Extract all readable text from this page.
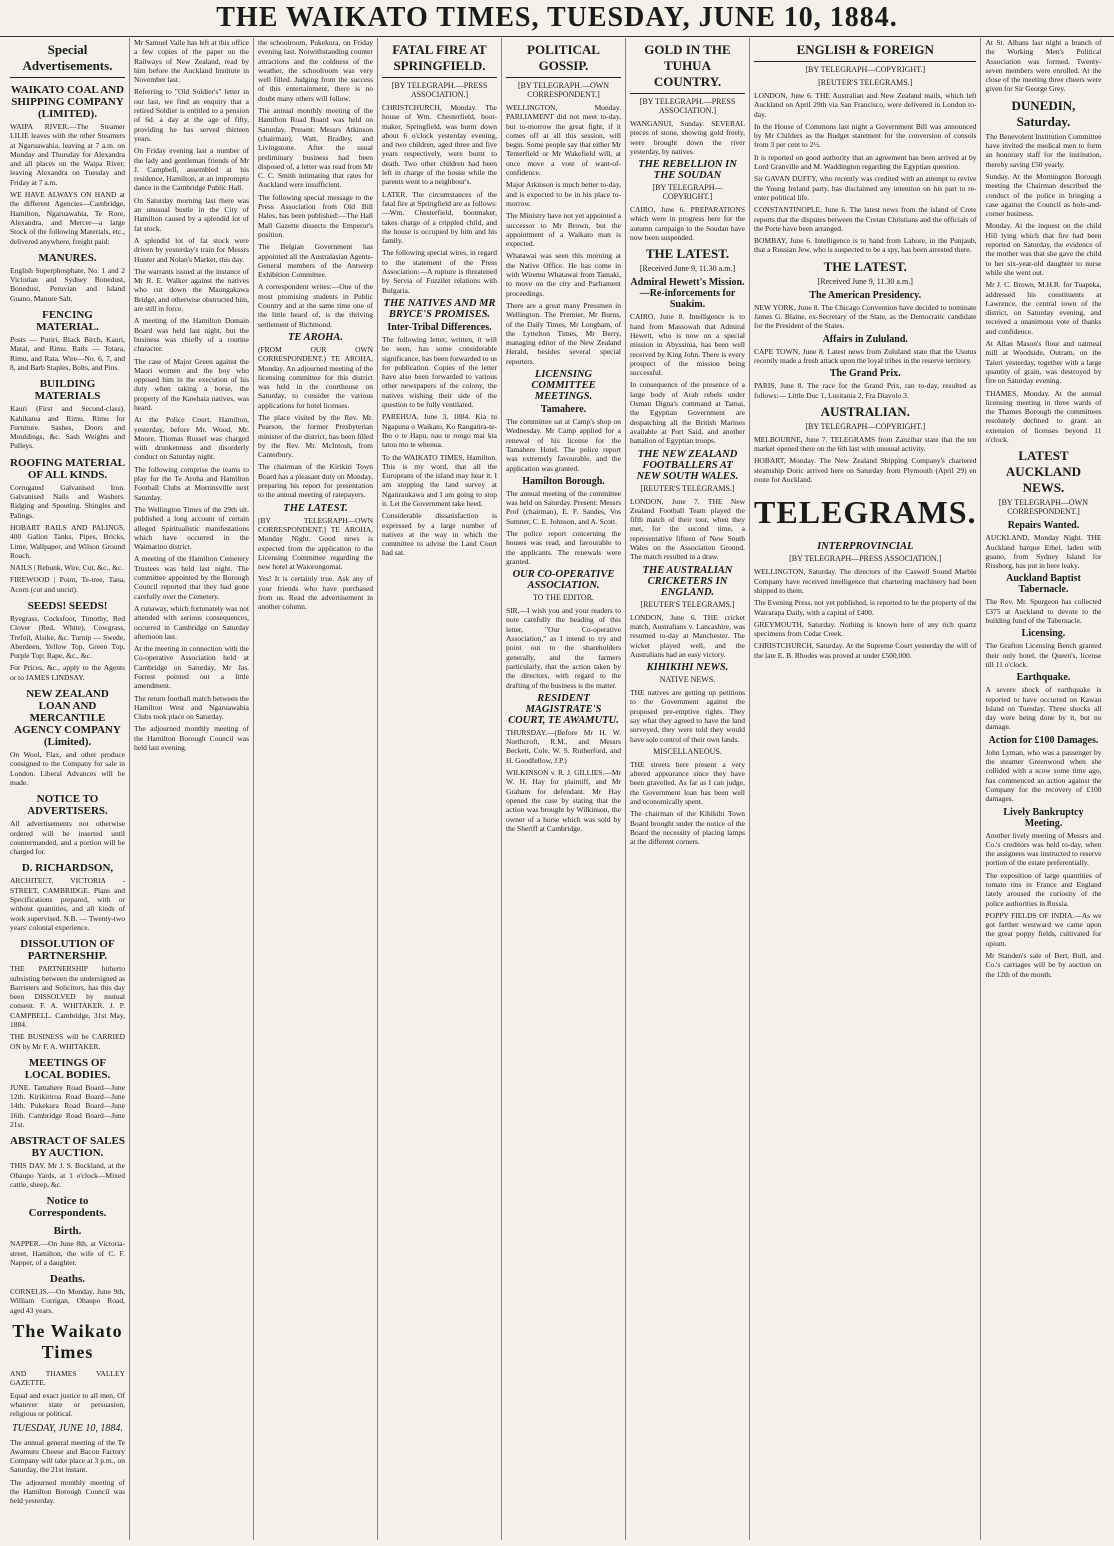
THE WAIKATO TIMES, TUESDAY, JUNE 10, 1884.
Special Advertisements.
WAIKATO COAL AND SHIPPING COMPANY (LIMITED).

WAIPA RIVER.—The Steamer LILIE leaves with the other Steamers at Ngaruawahia, leaving at 7 a.m. on Monday and Thursday for Alexandra and all places on the Waipa River; leaving Alexandra on Tuesday and Friday at 7 a.m.

WE HAVE ALWAYS ON HAND at the different Agencies—Cambridge, Hamilton, Ngaruawahia, Te Rore, Alexandra, and Mercer—a large Stock of the following Materials, etc., delivered anywhere, freight paid:

MANURES.

English Superphosphate, No. 1 and 2 Victorian and Sydney Bonedust, Bonedust, Peruvian and Island Guano, Manure Salt.

FENCING MATERIAL.

Posts — Puriri, Black Birch, Kauri, Matai, and Rimu. Rails — Totara, Rimu, and Rata. Wire—No. 6, 7, and 8, and Barb Staples, Bolts, and Pins.

BUILDING MATERIALS

Kauri (First and Second-class), Kahikatea and Rimu. Rimu for Furniture. Sashes, Doors and Mouldings, &c. Sash Weights and Pulleys.

ROOFING MATERIAL OF ALL KINDS.

Corrugated Galvanised Iron. Galvanised Nails and Washers. Ridging and Spouting. Shingles and Palings.

HOBART RAILS AND PALINGS, 400 Gallon Tanks, Pipes, Bricks, Lime, Wallpaper, and Wilson Ground Roach.

NAILS | Rebunk, Wire, Cut, &c., &c.

FIREWOOD | Point, Te-tree, Tana, Acorn (cut and uncut).

SEEDS! SEEDS!

Ryegrass, Cocksfoot, Timothy, Red Clover (Red, White), Cowgrass, Trefoil, Alsike, &c. Turnip — Swede, Aberdeen, Yellow Top, Green Top, Purple Top; Rape, &c., &c.

For Prices, &c., apply to the Agents or to JAMES LINDSAY.

NEW ZEALAND LOAN AND MERCANTILE AGENCY COMPANY (Limited).

On Wool, Flax, and other produce consigned to the Company for sale in London. Liberal Advances will be made.

NOTICE TO ADVERTISERS.

All advertisements not otherwise ordered will be inserted until countermanded, and a portion will be charged for.

D. RICHARDSON,

ARCHITECT, VICTORIA - STREET, CAMBRIDGE. Plans and Specifications prepared, with or without quantities, and all kinds of work supervised. N.B. — Twenty-two years' colonial experience.

DISSOLUTION OF PARTNERSHIP.

THE PARTNERSHIP hitherto subsisting between the undersigned as Barristers and Solicitors, has this day been DISSOLVED by mutual consent. F. A. WHITAKER. J. P. CAMPBELL. Cambridge, 31st May, 1884.

THE BUSINESS will be CARRIED ON by Mr F. A. WHITAKER.

MEETINGS OF LOCAL BODIES.

JUNE. Tamahere Road Board—June 12th. Kirikiriroa Road Board—June 14th. Pukekura Road Board—June 16th. Cambridge Road Board—June 21st.

ABSTRACT OF SALES BY AUCTION.

THIS DAY. Mr J. S. Buckland, at the Ohaupo Yards, at 1 o'clock—Mixed cattle, sheep, &c.

Notice to Correspondents.
Birth.

NAPPER.—On June 8th, at Victoria-street, Hamilton, the wife of C. F. Napper, of a daughter.

Deaths.

CORNELIS.—On Monday, June 9th, William Corrigan, Ohaupo Road, aged 43 years.

The Waikato Times

AND THAMES VALLEY GAZETTE.

Equal and exact justice to all men, Of whatever state or persuasion, religious or political.

TUESDAY, JUNE 10, 1884.

The annual general meeting of the Te Awamutu Cheese and Bacon Factory Company will take place at 3 p.m., on Saturday, the 21st instant.

The adjourned monthly meeting of the Hamilton Borough Council was held yesterday.

Mr Samuel Vaile has left at this office a few copies of the paper on the Railways of New Zealand, read by him before the Auckland Institute in November last.

Referring to "Old Soldier's" letter in our last, we find an enquiry that a retired Soldier is entitled to a pension of 6d. a day at the age of fifty, providing he has served thirteen years.

On Friday evening last a number of the lady and gentleman friends of Mr J. Campbell, assembled at his residence, Hamilton, at an impromptu dance in the Cambridge Public Hall.

On Saturday morning last there was an unusual bustle in the City of Hamilton caused by a splendid lot of fat stock.

A splendid lot of fat stock were driven by yesterday's train for Messrs Hunter and Nolan's Market, this day.

The warrants issued at the instance of Mr R. E. Walker against the natives who cut down the Maungakawa Bridge, and otherwise obstructed him, are still in force.

A meeting of the Hamilton Domain Board was held last night, but the business was chiefly of a routine character.

The case of Major Green against the Maori women and the boy who opposed him in the execution of his duty when taking a horse, the property of the Kawhaia natives, was heard.

At the Police Court, Hamilton, yesterday, before Mr. Wood, Mr. Moore, Thomas Russel was charged with drunkenness and disorderly conduct on Saturday night.

The following comprise the teams to play for the Te Aroha and Hamilton Football Clubs at Morrinsville next Saturday.

The Wellington Times of the 29th ult. published a long account of certain alleged Spiritualistic manifestations which have occurred in the Waimarino district.

A meeting of the Hamilton Cemetery Trustees was held last night. The committee appointed by the Borough Council reported that they had gone carefully over the Cemetery.

A runaway, which fortunately was not attended with serious consequences, occurred in Cambridge on Saturday afternoon last.

At the meeting in connection with the Co-operative Association held at Cambridge on Saturday, Mr Jas. Forrest pointed out a little amendment.

The return football match between the Hamilton West and Ngaruawahia Clubs took place on Saturday.

The adjourned monthly meeting of the Hamilton Borough Council was held last evening.

the schoolroom, Pukekura, on Friday evening last. Notwithstanding counter attractions and the coldness of the weather, the schoolroom was very well filled. Judging from the success of this entertainment, there is no doubt many others will follow.

The annual monthly meeting of the Hamilton Road Board was held on Saturday. Present: Messrs Atkinson (chairman), Watt, Bradley, and Livingstone. After the usual preliminary business had been disposed of, a letter was read from Mr C. C. Smith intimating that rates for Auckland were insufficient.

The following special message to the Press Association from Old Bill Hales, has been published:—The Hall Mall Gazette dissects the Emperor's position.

The Belgian Government has appointed all the Australasian Agents-General members of the Antwerp Exhibition Committee.

A correspondent writes:—One of the most promising students in Public Country and at the same time one of the little heard of, is the thriving settlement of Richmond.

TE AROHA.

(FROM OUR OWN CORRESPONDENT.) TE AROHA, Monday. An adjourned meeting of the licensing committee for this district was held in the courthouse on Saturday, to consider the various applications for hotel licenses.

The place visited by the Rev. Mr. Pearson, the former Presbyterian minister of the district, has been filled by the Rev. Mr. McIntosh, from Canterbury.

The chairman of the Kirikiri Town Board has a pleasant duty on Monday, preparing his report for presentation to the annual meeting of ratepayers.

THE LATEST.

[BY TELEGRAPH—OWN CORRESPONDENT.] TE AROHA, Monday Night. Good news is expected from the application to the Licensing Committee regarding the new hotel at Waiorongomai.

Yes! It is certainly true. Ask any of your friends who have purchased from us. Read the advertisement in another column.

FATAL FIRE AT SPRINGFIELD.
[BY TELEGRAPH.—PRESS ASSOCIATION.]

CHRISTCHURCH, Monday. The house of Wm. Chesterfield, boot-maker, Springfield, was burnt down about 6 o'clock yesterday evening, and two children, aged three and five years respectively, were burnt to death. Two other children had been left in charge of the house while the parents went to a neighbour's.

LATER. The circumstances of the fatal fire at Springfield are as follows:—Wm. Chesterfield, bootmaker, takes charge of a crippled child, and the house is occupied by him and his family.

The following special wires, in regard to the statement of the Press Association:—A rupture is threatened by Servia of Fuzzilet relations with Bulgaria.

THE NATIVES AND MR BRYCE'S PROMISES.
Inter-Tribal Differences.

The following letter, written, it will be seen, has some considerable significance, has been forwarded to us for publication. Copies of the letter have also been forwarded to various other newspapers of the colony, the natives wishing their side of the question to be fully ventilated.

PAREHUA, June 3, 1884. Kia tu Ngapuna o Waikato, Ko Rangatira-te-Ihu o te Hapu, nau te rongo mai kia tatou mo te whenua.

To the WAIKATO TIMES, Hamilton. This is my word, that all the Europeans of the island may hear it. I am stopping the land survey at Ngatiraukawa and I am going to stop it. Let the Government take heed.

Considerable dissatisfaction is expressed by a large number of natives at the way in which the committee to advise the Land Court had sat.

POLITICAL GOSSIP.
[BY TELEGRAPH.—OWN CORRESPONDENT.]

WELLINGTON, Monday. PARLIAMENT did not meet to-day, but to-morrow the great fight, if it comes off at all this session, will begin. Some people say that either Mr Tenterfield or Mr Wakefield will, at once move a vote of want-of-confidence.

Major Atkinson is much better to-day, and is expected to be in his place to-morrow.

The Ministry have not yet appointed a successor to Mr Brown, but the appointment of a Waikato man is expected.

Whatawai was seen this morning at the Native Office. He has come in with Wiremu Whatawai from Tamaki, to move on the city and Parliament proceedings.

There are a great many Pressmen in Wellington. The Premier, Mr Burns, of the Daily Times, Mr Longham, of the Lyttelton Times, Mr Berry, managing editor of the New Zealand Herald, besides several special reporters.

LICENSING COMMITTEE MEETINGS.
Tamahere.

The committee sat at Camp's shop on Wednesday. Mr Camp applied for a renewal of his license for the Tamahere Hotel. The police report was extremely favourable, and the application was granted.

Hamilton Borough.

The annual meeting of the committee was held on Saturday. Present: Messrs Prof (chairman), E. F. Sandes, Vos Sumner, C. E. Johnson, and A. Scott.

The police report concerning the houses was read, and favourable to the applicants. The renewals were granted.

OUR CO-OPERATIVE ASSOCIATION.
TO THE EDITOR.

SIR,—I wish you and your readers to note carefully the heading of this letter, "Our Co-operative Association," as I intend to try and point out to the shareholders generally, and the farmers particularly, that the action taken by the directors, with regard to the drafting of the business is the matter.

RESIDENT MAGISTRATE'S COURT, TE AWAMUTU.

THURSDAY.—(Before Mr H. W. Northcroft, R.M., and Messrs Beckett, Cole, W. S. Rutherford, and H. Goodfellow, J.P.)

WILKINSON v. R. J. GILLIES.—Mr W. H. Hay for plaintiff, and Mr Graham for defendant. Mr Hay opened the case by stating that the action was brought by Wilkinson, the owner of a horse which was sold by the Sheriff at Cambridge.

GOLD IN THE TUHUA COUNTRY.
[BY TELEGRAPH.—PRESS ASSOCIATION.]

WANGANUI, Sunday. SEVERAL pieces of stone, showing gold freely, were brought down the river yesterday, by natives.

THE REBELLION IN THE SOUDAN
[BY TELEGRAPH—COPYRIGHT.]

CAIRO, June 6. PREPARATIONS which were in progress here for the autumn campaign to the Soudan have now been suspended.

THE LATEST.
[Received June 9, 11.30 a.m.]
Admiral Hewett's Mission.—Re-inforcements for Suakim.

CAIRO, June 8. Intelligence is to hand from Massowah that Admiral Hewett, who is now on a special mission in Abyssinia, has been well received by King John. There is every prospect of the mission being successful.

In consequence of the presence of a large body of Arab rebels under Osman Digna's command at Tamai, the Egyptian Government are despatching all the British Marines available at Port Said, and another battalion of Egyptian troops.

THE NEW ZEALAND FOOTBALLERS AT NEW SOUTH WALES.
[REUTER'S TELEGRAMS.]

LONDON, June 7. THE New Zealand Football Team played the fifth match of their tour, when they met, for the second time, a representative fifteen of New South Wales on the Association Ground. The match resulted in a draw.

THE AUSTRALIAN CRICKETERS IN ENGLAND.
[REUTER'S TELEGRAMS.]

LONDON, June 6. THE cricket match, Australians v. Lancashire, was resumed to-day at Manchester. The wicket played well, and the Australians had an easy victory.

KIHIKIHI NEWS.
NATIVE NEWS.

THE natives are getting up petitions to the Government against the proposed pre-emptive rights. They say what they agreed to have the land surveyed, they were told they would have sole control of their own lands.

MISCELLANEOUS.

THE streets here present a very altered appearance since they have been gravelled. As far as I can judge, the Government loan has been well and economically spent.

The chairman of the Kihikihi Town Board brought under the notice of the Board the necessity of placing lamps at the different corners.

ENGLISH & FOREIGN
[BY TELEGRAPH—COPYRIGHT.]
[REUTER'S TELEGRAMS.]

LONDON, June 6. THE Australian and New Zealand mails, which left Auckland on April 29th via San Francisco, were delivered in London to-day.

In the House of Commons last night a Government Bill was announced by Mr Childers as the Budget statement for the conversion of consols from 3 per cent to 2½.

It is reported on good authority that an agreement has been arrived at by Lord Granville and M. Waddington regarding the Egyptian question.

Sir GAVAN DUFFY, who recently was credited with an attempt to revive the Young Ireland party, has disclaimed any intention on his part to re-enter political life.

CONSTANTINOPLE, June 6. The latest news from the island of Crete reports that the disputes between the Cretan Christians and the officials of the Porte have been arranged.

BOMBAY, June 6. Intelligence is to hand from Lahore, in the Punjaub, that a Russian Jew, who is suspected to be a spy, has been arrested there.

THE LATEST.
[Received June 9, 11.30 a.m.]
The American Presidency.

NEW YORK, June 8. The Chicago Convention have decided to nominate James G. Blaine, ex-Secretary of the State, as the Democratic candidate for the President of the States.

Affairs in Zululand.

CAPE TOWN, June 8. Latest news from Zululand state that the Usutus recently made a fresh attack upon the loyal tribes in the reserve territory.

The Grand Prix.

PARIS, June 8. The race for the Grand Prix, ran to-day, resulted as follows:— Little Duc 1, Lusitania 2, Fra Diavolo 3.

AUSTRALIAN.
[BY TELEGRAPH—COPYRIGHT.]

MELBOURNE, June 7. TELEGRAMS from Zanzibar state that the ten market opened there on the 6th last with unusual activity.

HOBART, Monday. The New Zealand Shipping Company's chartered steamship Doric arrived here on Saturday from Plymouth (April 29) en route for Auckland.

TELEGRAMS.
INTERPROVINCIAL
[BY TELEGRAPH—PRESS ASSOCIATION.]

WELLINGTON, Saturday. The directors of the Caswell Sound Marble Company have received intelligence that chartering machinery had been shipped to them.

The Evening Press, not yet published, is reported to be the property of the Wairarapa Daily, with a capital of £400.

GREYMOUTH, Saturday. Nothing is known here of any rich quartz specimens from Cedar Creek.

CHRISTCHURCH, Saturday. At the Supreme Court yesterday the will of the late E. B. Rhodes was proved at under £500,000.

At St. Albans last night a branch of the Working Men's Political Association was formed. Twenty-seven members were enrolled. At the close of the meeting three cheers were given for Sir George Grey.

DUNEDIN, Saturday.

The Benevolent Institution Committee have invited the medical men to form an honorary staff for the institution, thereby saving £50 yearly.

Sunday. At the Mornington Borough meeting the Chairman described the conduct of the police in bringing a case against the Council as hole-and-corner business.

Monday. At the inquest on the child Hill lying which that fire had been reported on Saturday, the evidence of the mother was that she gave the child to her six-year-old daughter to nurse while she went out.

Mr J. C. Brown, M.H.R. for Tuapeka, addressed his constituents at Lawrence, the central town of the district, on Saturday evening, and received a unanimous vote of thanks and confidence.

At Allan Mason's flour and oatmeal mill at Woodside, Outram, on the Taieri yesterday, together with a large quantity of grain, was destroyed by fire on Saturday evening.

THAMES, Monday. At the annual licensing meeting in three wards of the Thames Borough the committees resolutely declined to grant an extension of licenses beyond 11 o'clock.

LATEST AUCKLAND NEWS.
[BY TELEGRAPH—OWN CORRESPONDENT.]
Repairs Wanted.

AUCKLAND, Monday Night. THE Auckland barque Ethel, laden with guano, from Sydney Island for Rissborg, has put in here leaky.

Auckland Baptist Tabernacle.

The Rev. Mr. Spurgeon has collected £375 at Auckland to devote to the building fund of the Tabernacle.

Licensing.

The Grafton Licensing Bench granted their only hotel, the Queen's, license till 11 o'clock.

Earthquake.

A severe shock of earthquake is reported to have occurred on Kawau Island on Tuesday. Three shocks all day were being done by it, but no damage.

Action for £100 Damages.

John Lyman, who was a passenger by the steamer Greenwood when she collided with a scow some time ago, has commenced an action against the Company for the recovery of £100 damages.

Lively Bankruptcy Meeting.

Another lively meeting of Messrs and Co.'s creditors was held to-day, when the assignees was instructed to reserve portion of the estate preferentially.

The exposition of large quantities of tomato tins in France and England lately aroused the curiosity of the police authorities in Russia.

POPPY FIELDS OF INDIA.—As we got farther westward we came upon the great poppy fields, cultivated for opium.

Mr Standen's sale of Bert, Bull, and Co.'s carriages will be by auction on the 12th of the month.
